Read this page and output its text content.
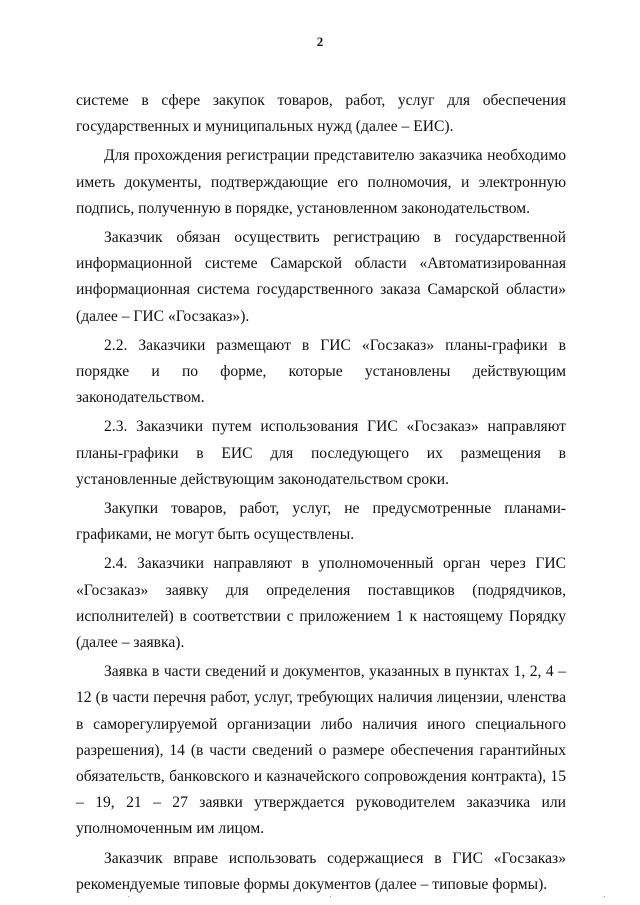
2

системе в сфере закупок товаров, работ, услуг для обеспечения государственных и муниципальных нужд (далее – ЕИС).

Для прохождения регистрации представителю заказчика необходимо иметь документы, подтверждающие его полномочия, и электронную подпись, полученную в порядке, установленном законодательством.

Заказчик обязан осуществить регистрацию в государственной информационной системе Самарской области «Автоматизированная информационная система государственного заказа Самарской области» (далее – ГИС «Госзаказ»).

2.2. Заказчики размещают в ГИС «Госзаказ» планы-графики в порядке и по форме, которые установлены действующим законодательством.

2.3. Заказчики путем использования ГИС «Госзаказ» направляют планы-графики в ЕИС для последующего их размещения в установленные действующим законодательством сроки.

Закупки товаров, работ, услуг, не предусмотренные планами-графиками, не могут быть осуществлены.

2.4. Заказчики направляют в уполномоченный орган через ГИС «Госзаказ» заявку для определения поставщиков (подрядчиков, исполнителей) в соответствии с приложением 1 к настоящему Порядку (далее – заявка).

Заявка в части сведений и документов, указанных в пунктах 1, 2, 4 – 12 (в части перечня работ, услуг, требующих наличия лицензии, членства в саморегулируемой организации либо наличия иного специального разрешения), 14 (в части сведений о размере обеспечения гарантийных обязательств, банковского и казначейского сопровождения контракта), 15 – 19, 21 – 27 заявки утверждается руководителем заказчика или уполномоченным им лицом.

Заказчик вправе использовать содержащиеся в ГИС «Госзаказ» рекомендуемые типовые формы документов (далее – типовые формы).
